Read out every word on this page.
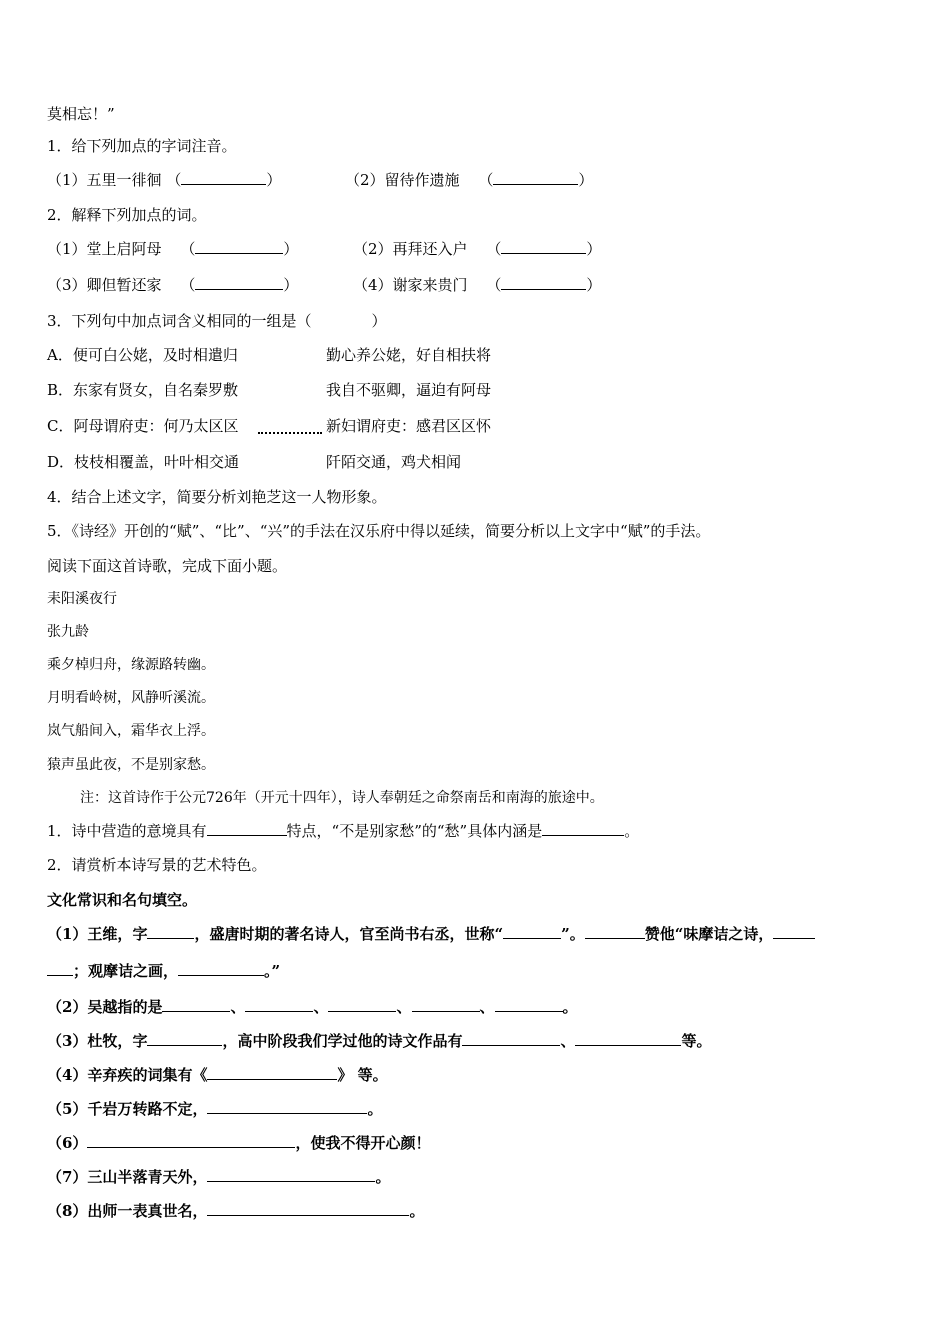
莫相忘！”
1．给下列加点的字词注音。
（1）五里一徘徊 （	）	（2）留待作遗施 （	）
2．解释下列加点的词。
（1）堂上启阿母 （	）	（2）再拜还入户 （	）
（3）卿但暂还家 （	）	（4）谢家来贵门 （	）
3．下列句中加点词含义相同的一组是（　　　　）
A．便可白公姥，及时相遣归	勤心养公姥，好自相扶将
B．东家有贤女，自名秦罗敷	我自不驱卿，逼迫有阿母
C．阿母谓府吏：何乃太区区	新妇谓府吏：感君区区怀
D．枝枝相覆盖，叶叶相交通	阡陌交通，鸡犬相闻
4．结合上述文字，简要分析刘艳芝这一人物形象。
5．《诗经》开创的“赋”、“比”、“兴”的手法在汉乐府中得以延续，简要分析以上文字中“赋”的手法。
阅读下面这首诗歌，完成下面小题。
耒阳溪夜行
张九龄
乘夕棹归舟，缘源路转幽。
月明看岭树，风静听溪流。
岚气船间入，霜华衣上浮。
猿声虽此夜，不是别家愁。
注：这首诗作于公元726年（开元十四年），诗人奉朝廷之命祭南岳和南海的旅途中。
1．诗中营造的意境具有	特点，“不是别家愁”的“愁”具体内涵是	。
2．请赏析本诗写景的艺术特色。
文化常识和名句填空。
（1）王维，字	，盛唐时期的著名诗人，官至尚书右丞，世称“	”。	赞他“味摩诘之诗，
；观摩诘之画，	。”
（2）吴越指的是	、	、	、	、	。
（3）杜牧，字	，高中阶段我们学过他的诗文作品有	、	等。
（4）辛弃疾的词集有《	》 等。
（5）千岩万转路不定，	。
（6）	，使我不得开心颜！
（7）三山半落青天外，	。
（8）出师一表真世名，	。
